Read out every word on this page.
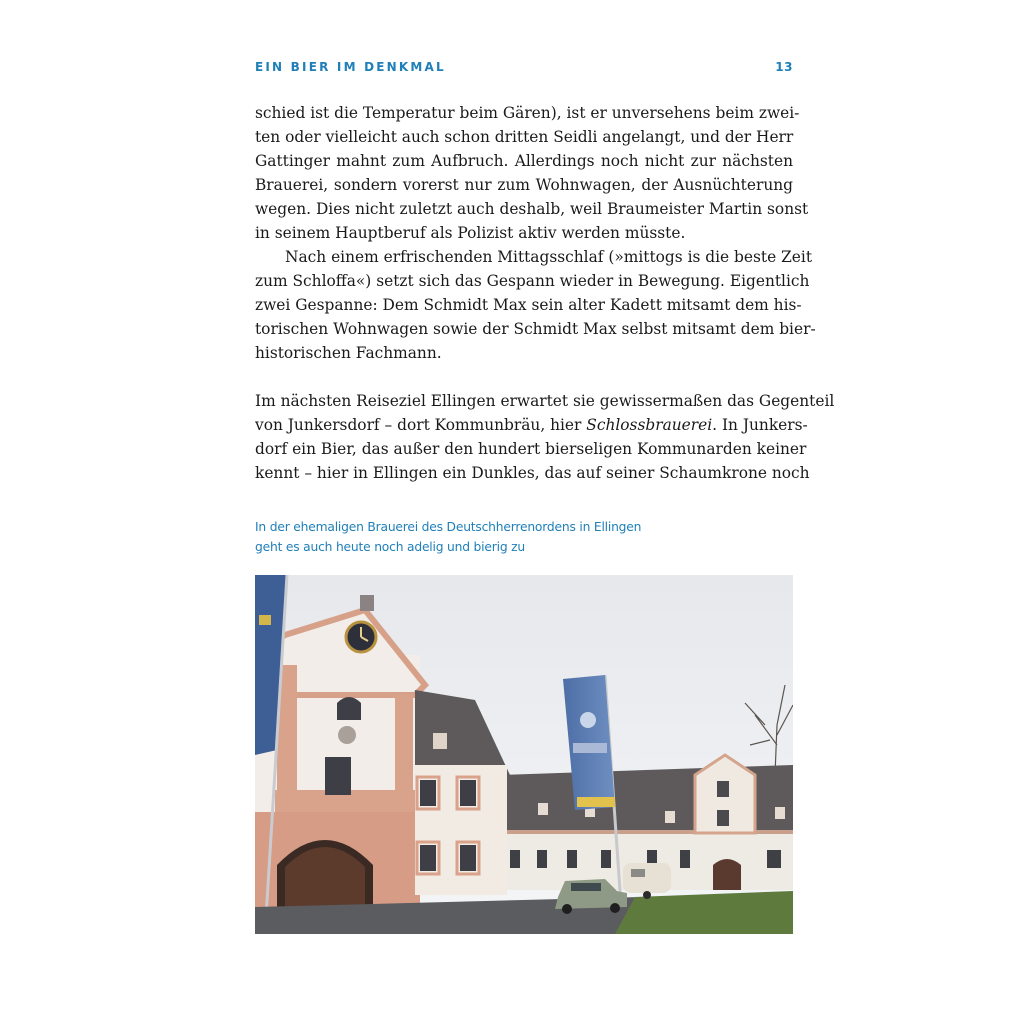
EIN BIER IM DENKMAL	13
schied ist die Temperatur beim Gären), ist er unversehens beim zwei-
ten oder vielleicht auch schon dritten Seidli angelangt, und der Herr
Gattinger mahnt zum Aufbruch. Allerdings noch nicht zur nächsten
Brauerei, sondern vorerst nur zum Wohnwagen, der Ausnüchterung
wegen. Dies nicht zuletzt auch deshalb, weil Braumeister Martin sonst
in seinem Hauptberuf als Polizist aktiv werden müsste.
Nach einem erfrischenden Mittagsschlaf (»mittogs is die beste Zeit
zum Schloffa«) setzt sich das Gespann wieder in Bewegung. Eigentlich
zwei Gespanne: Dem Schmidt Max sein alter Kadett mitsamt dem his-
torischen Wohnwagen sowie der Schmidt Max selbst mitsamt dem bier-
historischen Fachmann.
Im nächsten Reiseziel Ellingen erwartet sie gewissermaßen das Gegenteil
von Junkersdorf – dort Kommunbräu, hier Schlossbrauerei. In Junkers-
dorf ein Bier, das außer den hundert bierseligen Kommunarden keiner
kennt – hier in Ellingen ein Dunkles, das auf seiner Schaumkrone noch
In der ehemaligen Brauerei des Deutschherrenordens in Ellingen
geht es auch heute noch adelig und bierig zu
